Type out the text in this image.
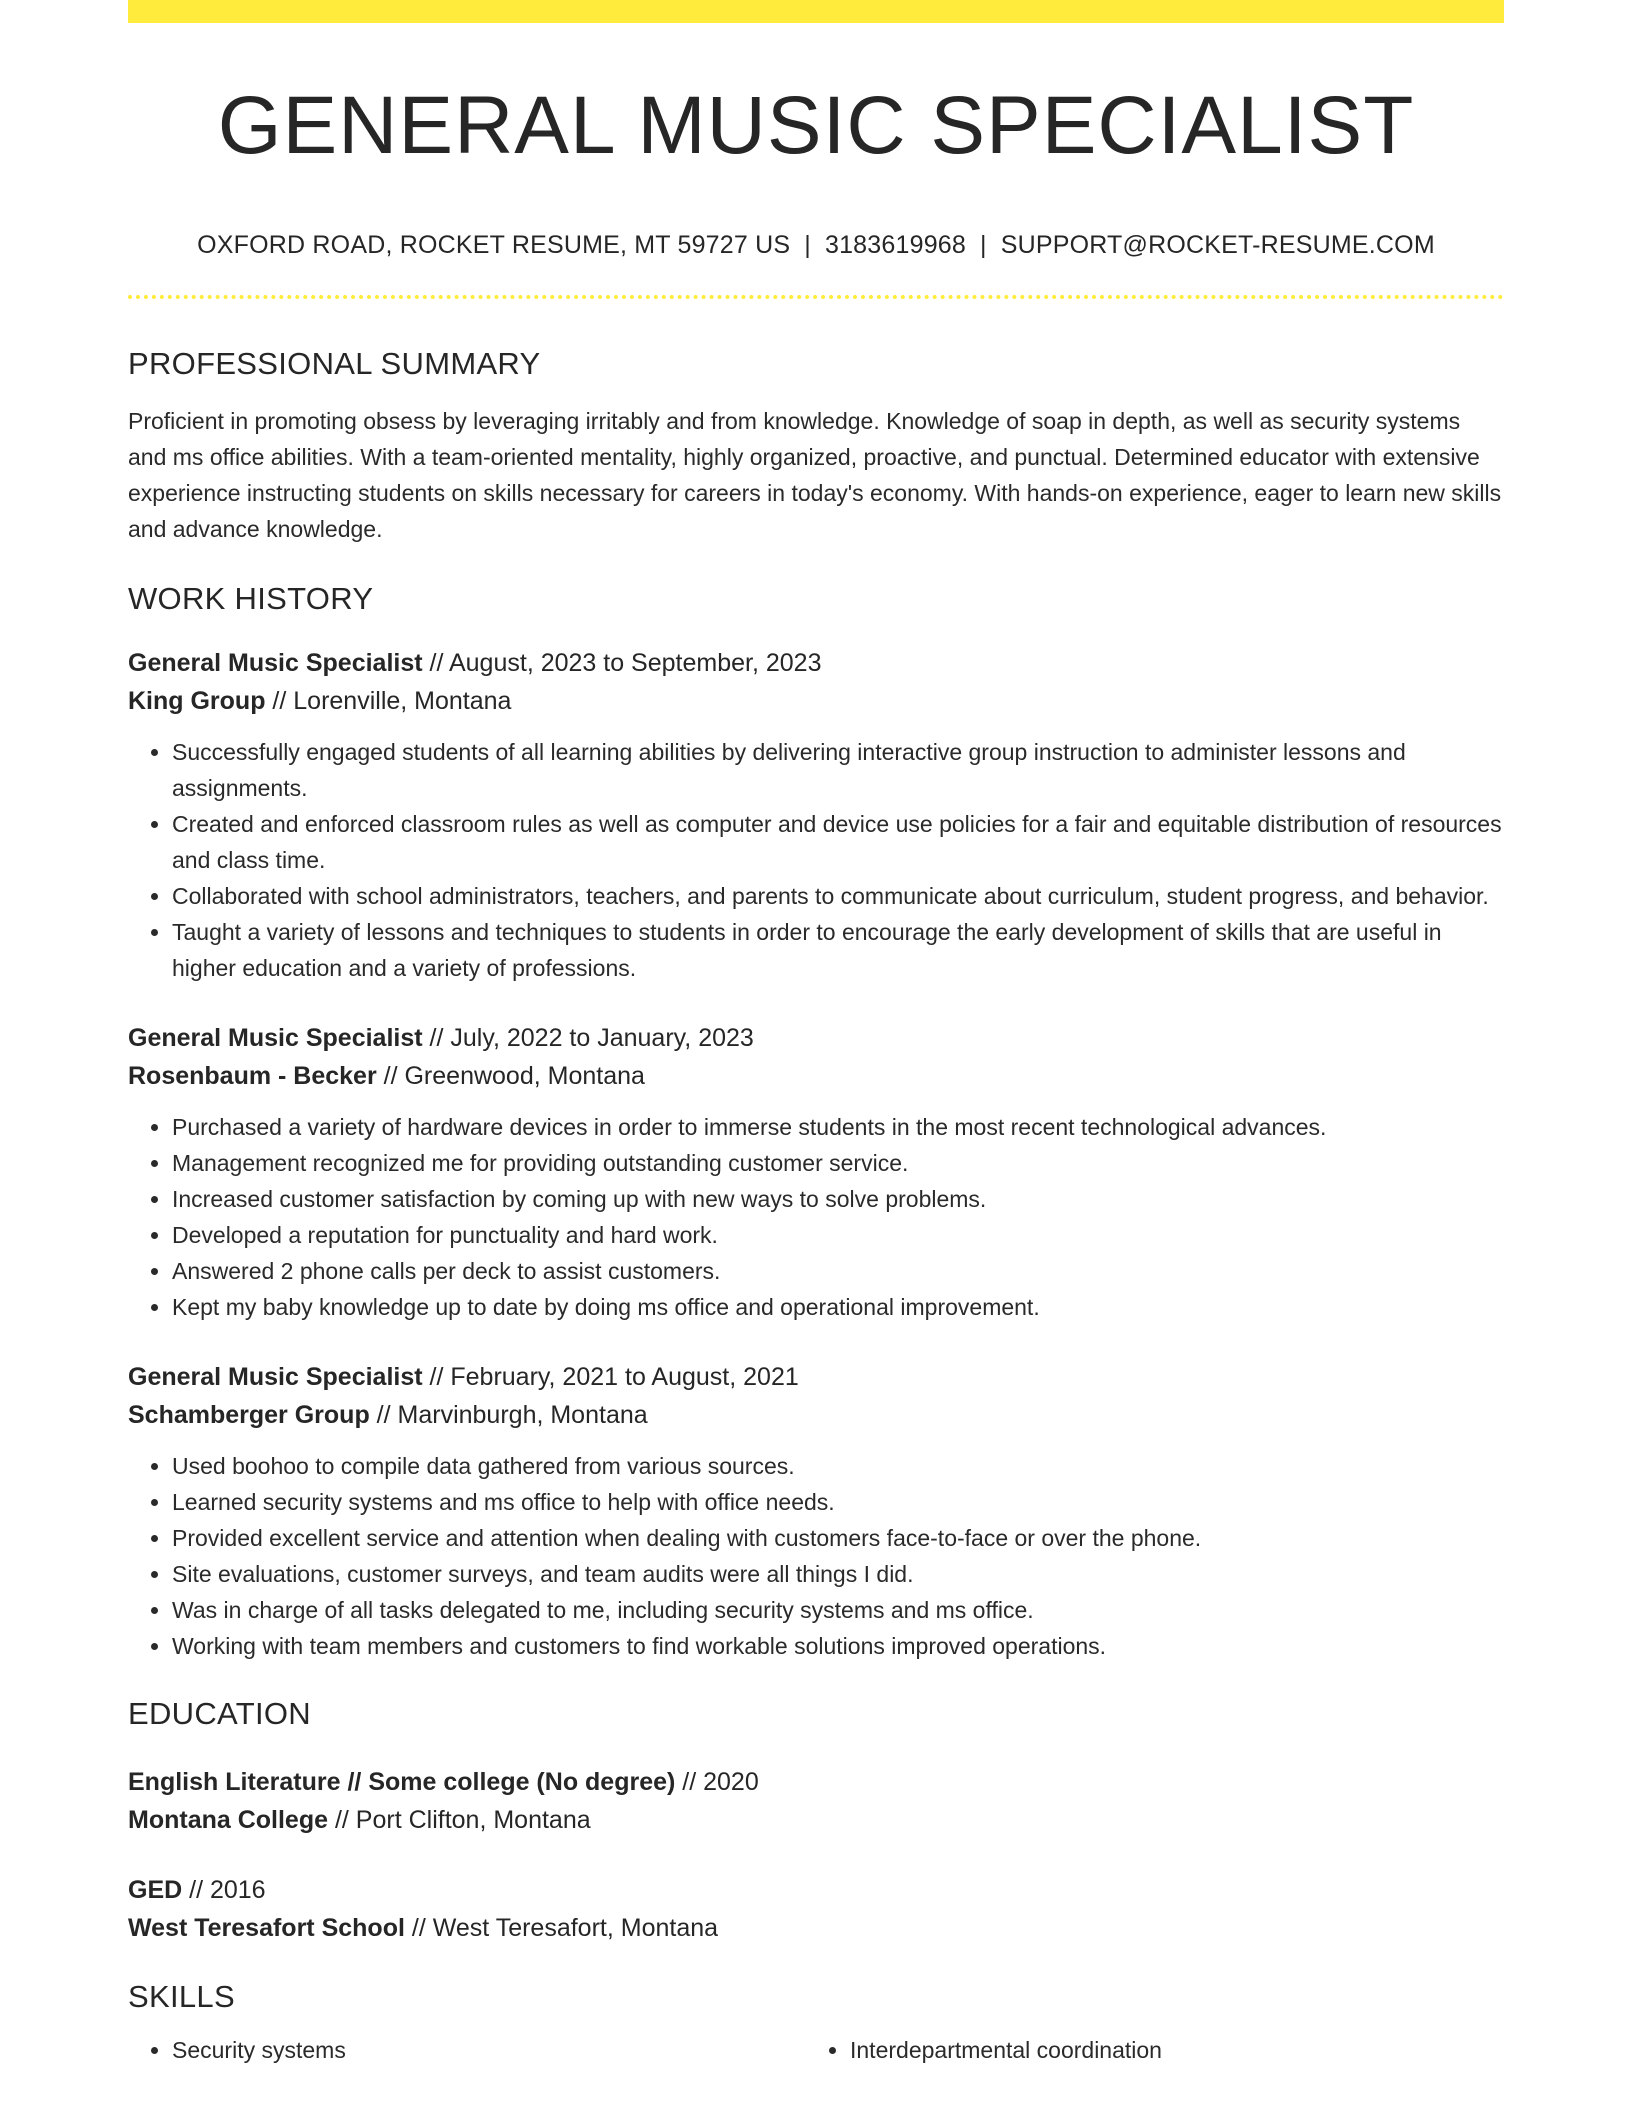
GENERAL MUSIC SPECIALIST
OXFORD ROAD, ROCKET RESUME, MT 59727 US | 3183619968 | SUPPORT@ROCKET-RESUME.COM
PROFESSIONAL SUMMARY
Proficient in promoting obsess by leveraging irritably and from knowledge. Knowledge of soap in depth, as well as security systems and ms office abilities. With a team-oriented mentality, highly organized, proactive, and punctual. Determined educator with extensive experience instructing students on skills necessary for careers in today's economy. With hands-on experience, eager to learn new skills and advance knowledge.
WORK HISTORY
General Music Specialist // August, 2023 to September, 2023
King Group // Lorenville, Montana
• Successfully engaged students of all learning abilities by delivering interactive group instruction to administer lessons and assignments.
• Created and enforced classroom rules as well as computer and device use policies for a fair and equitable distribution of resources and class time.
• Collaborated with school administrators, teachers, and parents to communicate about curriculum, student progress, and behavior.
• Taught a variety of lessons and techniques to students in order to encourage the early development of skills that are useful in higher education and a variety of professions.
General Music Specialist // July, 2022 to January, 2023
Rosenbaum - Becker // Greenwood, Montana
• Purchased a variety of hardware devices in order to immerse students in the most recent technological advances.
• Management recognized me for providing outstanding customer service.
• Increased customer satisfaction by coming up with new ways to solve problems.
• Developed a reputation for punctuality and hard work.
• Answered 2 phone calls per deck to assist customers.
• Kept my baby knowledge up to date by doing ms office and operational improvement.
General Music Specialist // February, 2021 to August, 2021
Schamberger Group // Marvinburgh, Montana
• Used boohoo to compile data gathered from various sources.
• Learned security systems and ms office to help with office needs.
• Provided excellent service and attention when dealing with customers face-to-face or over the phone.
• Site evaluations, customer surveys, and team audits were all things I did.
• Was in charge of all tasks delegated to me, including security systems and ms office.
• Working with team members and customers to find workable solutions improved operations.
EDUCATION
English Literature // Some college (No degree) // 2020
Montana College // Port Clifton, Montana
GED // 2016
West Teresafort School // West Teresafort, Montana
SKILLS
• Security systems
•	Interdepartmental coordination
